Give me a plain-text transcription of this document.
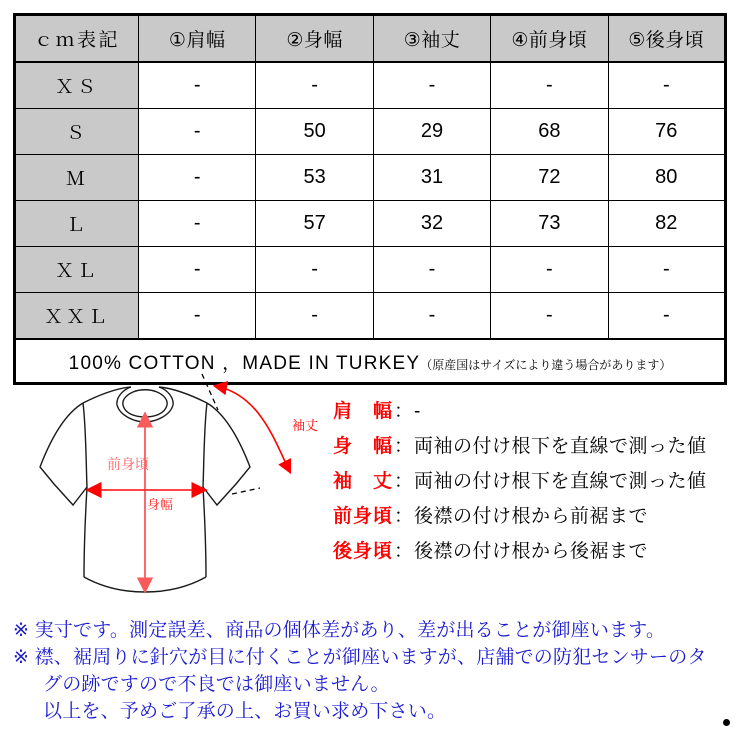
ｃｍ表記	①肩幅	②身幅	③袖丈	④前身頃	⑤後身頃
ＸＳ	-	-	-	-	-
Ｓ	-	50	29	68	76
Ｍ	-	53	31	72	80
Ｌ	-	57	32	73	82
ＸＬ	-	-	-	-	-
ＸＸＬ	-	-	-	-	-
100% COTTON ，MADE IN TURKEY（原産国はサイズにより違う場合があります）					
袖丈
前身頃
身幅
肩　幅 ： -
身　幅 ： 両袖の付け根下を直線で測った値
袖　丈 ： 両袖の付け根下を直線で測った値
前身頃 ： 後襟の付け根から前裾まで
後身頃 ： 後襟の付け根から後裾まで
※ 実寸です。測定誤差、商品の個体差があり、差が出ることが御座います。
※ 襟、裾周りに針穴が目に付くことが御座いますが、店舗での防犯センサーのタ
グの跡ですので不良では御座いません。
以上を、予めご了承の上、お買い求め下さい。
